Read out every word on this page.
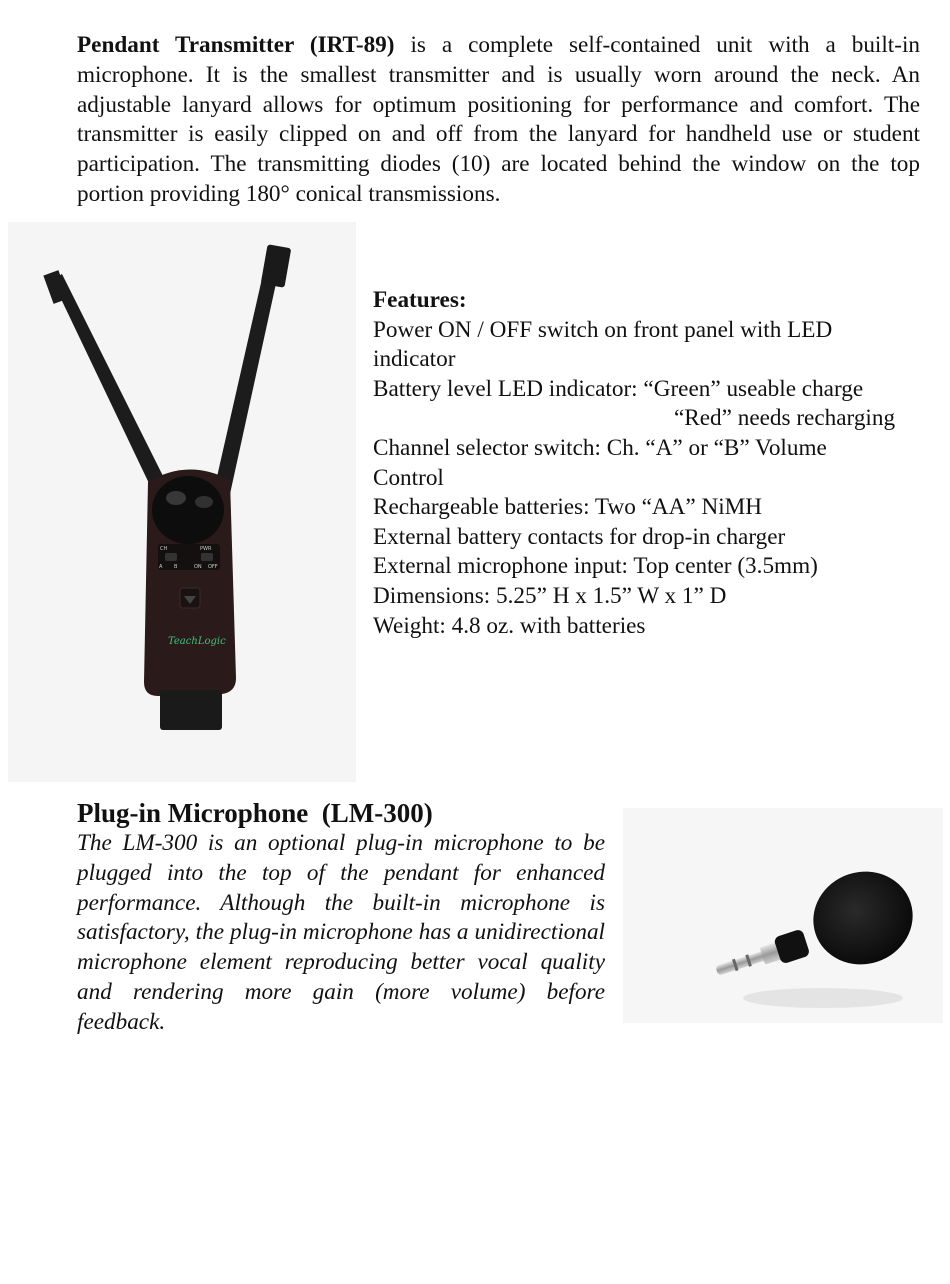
Pendant Transmitter (IRT-89) is a complete self-contained unit with a built-in microphone. It is the smallest transmitter and is usually worn around the neck. An adjustable lanyard allows for optimum positioning for performance and comfort. The transmitter is easily clipped on and off from the lanyard for handheld use or student participation. The transmitting diodes (10) are located behind the window on the top portion providing 180° conical transmissions.

CH	PWR
A B	ON OFF
TeachLogic
Features:
Power ON / OFF switch on front panel with LED indicator
Battery level LED indicator: “Green” useable charge
“Red” needs recharging
Channel selector switch: Ch. “A” or “B” Volume Control
Rechargeable batteries: Two “AA” NiMH
External battery contacts for drop-in charger
External microphone input: Top center (3.5mm)
Dimensions: 5.25” H x 1.5” W x 1” D
Weight: 4.8 oz. with batteries
Plug-in Microphone  (LM-300)

The LM-300 is an optional plug-in microphone to be plugged into the top of the pendant for enhanced performance. Although the built-in microphone is satisfactory, the plug-in microphone has a unidirectional microphone element reproducing better vocal quality and rendering more gain (more volume) before feedback.
